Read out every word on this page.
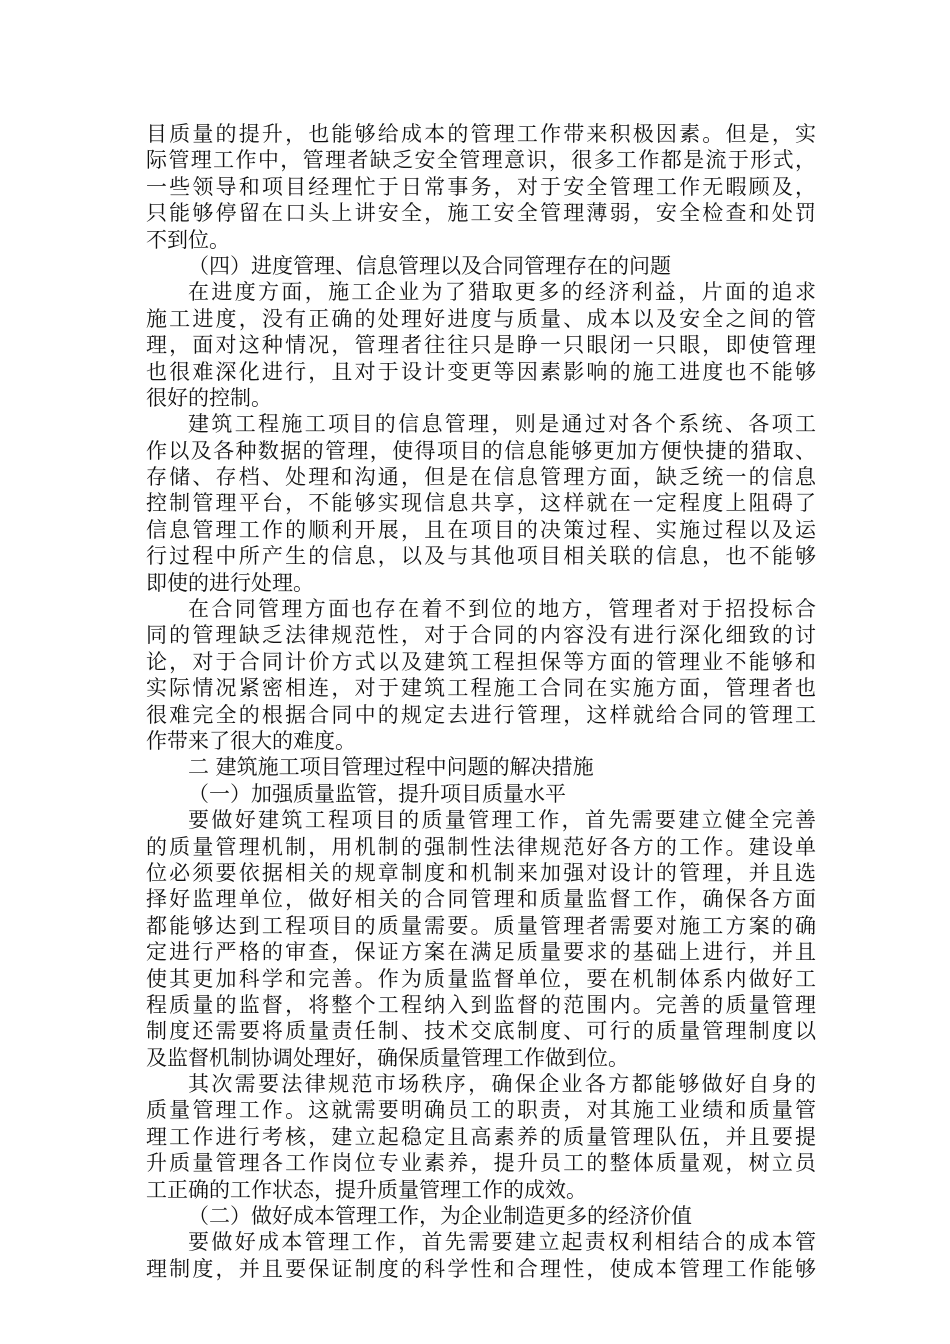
目质量的提升，也能够给成本的管理工作带来积极因素。但是，实
际管理工作中，管理者缺乏安全管理意识，很多工作都是流于形式，
一些领导和项目经理忙于日常事务，对于安全管理工作无暇顾及，
只能够停留在口头上讲安全，施工安全管理薄弱，安全检查和处罚
不到位。
（四）进度管理、信息管理以及合同管理存在的问题
在进度方面，施工企业为了猎取更多的经济利益，片面的追求
施工进度，没有正确的处理好进度与质量、成本以及安全之间的管
理，面对这种情况，管理者往往只是睁一只眼闭一只眼，即使管理
也很难深化进行，且对于设计变更等因素影响的施工进度也不能够
很好的控制。
建筑工程施工项目的信息管理，则是通过对各个系统、各项工
作以及各种数据的管理，使得项目的信息能够更加方便快捷的猎取、
存储、存档、处理和沟通，但是在信息管理方面，缺乏统一的信息
控制管理平台，不能够实现信息共享，这样就在一定程度上阻碍了
信息管理工作的顺利开展，且在项目的决策过程、实施过程以及运
行过程中所产生的信息，以及与其他项目相关联的信息，也不能够
即使的进行处理。
在合同管理方面也存在着不到位的地方，管理者对于招投标合
同的管理缺乏法律规范性，对于合同的内容没有进行深化细致的讨
论，对于合同计价方式以及建筑工程担保等方面的管理业不能够和
实际情况紧密相连，对于建筑工程施工合同在实施方面，管理者也
很难完全的根据合同中的规定去进行管理，这样就给合同的管理工
作带来了很大的难度。
二 建筑施工项目管理过程中问题的解决措施
（一）加强质量监管，提升项目质量水平
要做好建筑工程项目的质量管理工作，首先需要建立健全完善
的质量管理机制，用机制的强制性法律规范好各方的工作。建设单
位必须要依据相关的规章制度和机制来加强对设计的管理，并且选
择好监理单位，做好相关的合同管理和质量监督工作，确保各方面
都能够达到工程项目的质量需要。质量管理者需要对施工方案的确
定进行严格的审查，保证方案在满足质量要求的基础上进行，并且
使其更加科学和完善。作为质量监督单位，要在机制体系内做好工
程质量的监督，将整个工程纳入到监督的范围内。完善的质量管理
制度还需要将质量责任制、技术交底制度、可行的质量管理制度以
及监督机制协调处理好，确保质量管理工作做到位。
其次需要法律规范市场秩序，确保企业各方都能够做好自身的
质量管理工作。这就需要明确员工的职责，对其施工业绩和质量管
理工作进行考核，建立起稳定且高素养的质量管理队伍，并且要提
升质量管理各工作岗位专业素养，提升员工的整体质量观，树立员
工正确的工作状态，提升质量管理工作的成效。
（二）做好成本管理工作，为企业制造更多的经济价值
要做好成本管理工作，首先需要建立起责权利相结合的成本管
理制度，并且要保证制度的科学性和合理性，使成本管理工作能够
